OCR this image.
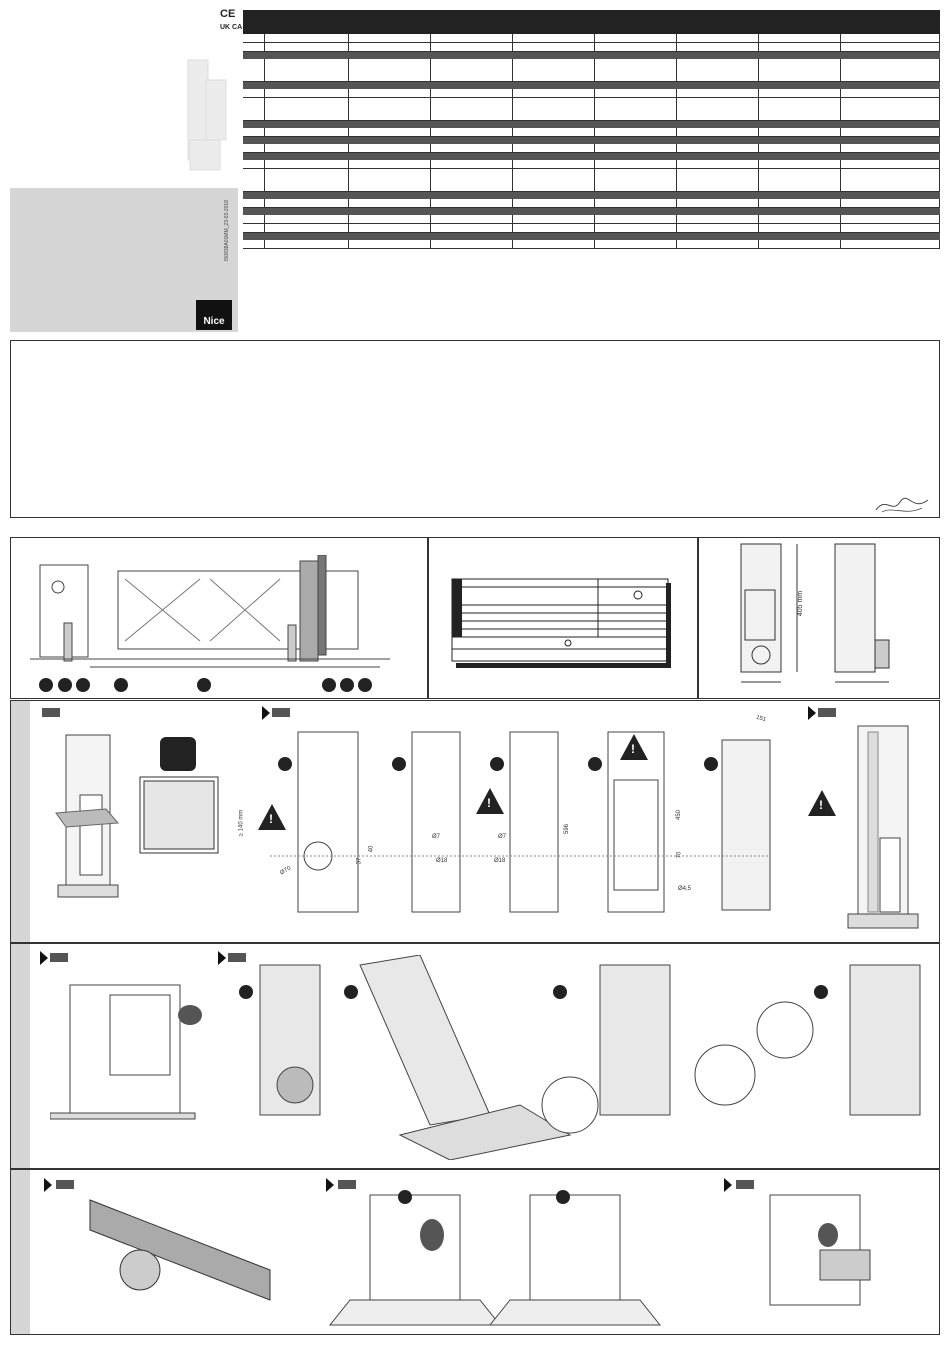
CE
UK CA
IS0838A01MM_23-03-2018
Nice
405 mm
≥ 140 mm !
!
!
!
Ø70
37
40
Ø7
Ø18
Ø7
Ø18
596
450
70
Ø4,5
151
